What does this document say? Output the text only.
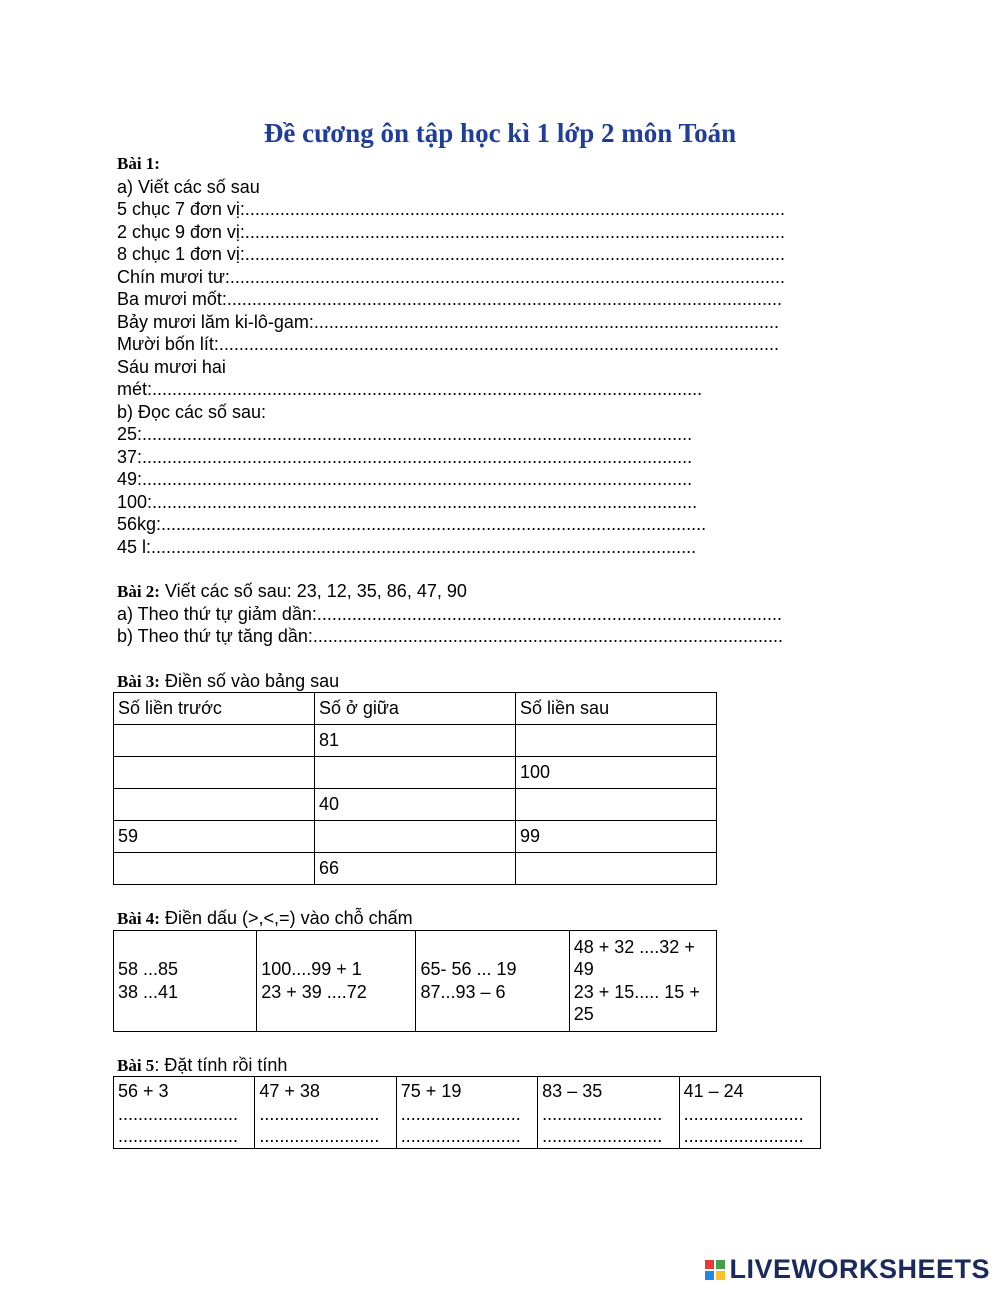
Đề cương ôn tập học kì 1 lớp 2 môn Toán
Bài 1:
a) Viết các số sau
5 chục 7 đơn vị:............................................................................................................
2 chục 9 đơn vị:............................................................................................................
8 chục 1 đơn vị:............................................................................................................
Chín mươi tư:...............................................................................................................
Ba mươi mốt:...............................................................................................................
Bảy mươi lăm ki-lô-gam:.............................................................................................
Mười bốn lít:................................................................................................................
Sáu mươi hai
mét:..............................................................................................................
b) Đọc các số sau:
25:..............................................................................................................
37:..............................................................................................................
49:..............................................................................................................
100:.............................................................................................................
56kg:.............................................................................................................
45 l:.............................................................................................................
Bài 2: Viết các số sau: 23, 12, 35, 86, 47, 90
a) Theo thứ tự giảm dần:.............................................................................................
b) Theo thứ tự tăng dần:..............................................................................................
Bài 3: Điền số vào bảng sau
Số liền trước	Số ở giữa	Số liền sau
	81	
		100
	40	
59		99
	66	
Bài 4: Điền dấu (>,<,=) vào chỗ chấm
58 ...85
38 ...41

100....99 + 1
23 + 39 ....72

65- 56 ... 19
87...93 – 6

48 + 32 ....32 +
49
23 + 15..... 15 +
25
Bài 5: Đặt tính rồi tính
56 + 3
........................
........................

47 + 38
........................
........................

75 + 19
........................
........................

83 – 35
........................
........................

41 – 24
........................
........................
LIVEWORKSHEETS
